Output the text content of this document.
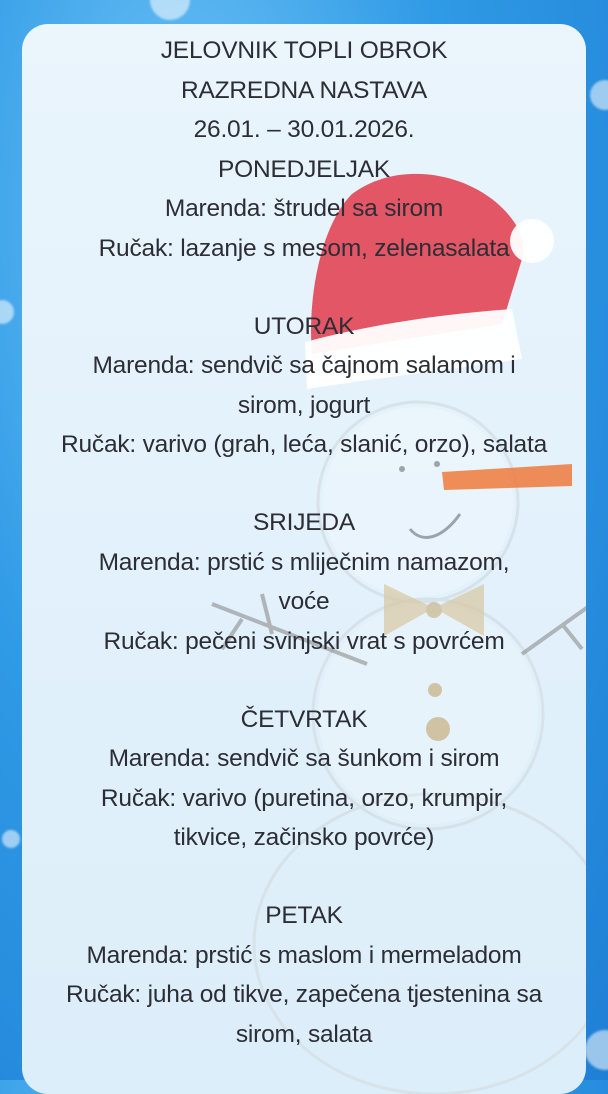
JELOVNIK TOPLI OBROK
RAZREDNA NASTAVA
26.01. – 30.01.2026.
PONEDJELJAK
Marenda: štrudel sa sirom
Ručak: lazanje s mesom, zelenasalata
UTORAK
Marenda: sendvič sa čajnom salamom i
sirom, jogurt
Ručak: varivo (grah, leća, slanić, orzo), salata
SRIJEDA
Marenda: prstić s mliječnim namazom,
voće
Ručak: pečeni svinjski vrat s povrćem
ČETVRTAK
Marenda: sendvič sa šunkom i sirom
Ručak: varivo (puretina, orzo, krumpir,
tikvice, začinsko povrće)
PETAK
Marenda: prstić s maslom i mermeladom
Ručak: juha od tikve, zapečena tjestenina sa
sirom, salata
